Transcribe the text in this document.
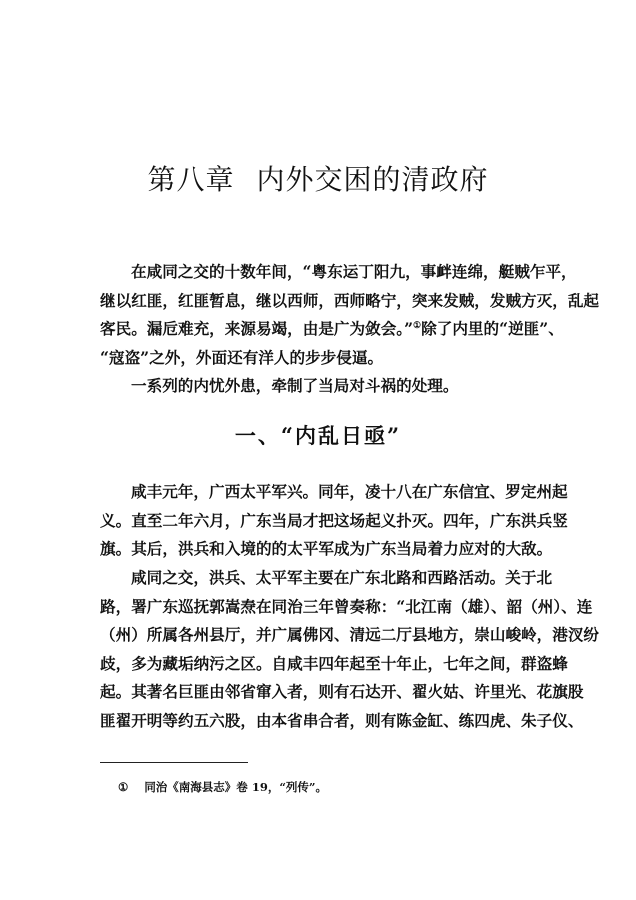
第八章 内外交困的清政府
在咸同之交的十数年间，“粤东运丁阳九，事衅连绵，艇贼乍平，
继以红匪，红匪暂息，继以西师，西师略宁，突来发贼，发贼方灭，乱起
客民。漏卮难充，来源易竭，由是广为敛会。”①除了内里的“逆匪”、
“寇盗”之外，外面还有洋人的步步侵逼。
一系列的内忧外患，牵制了当局对斗祸的处理。
一、“内乱日亟”
咸丰元年，广西太平军兴。同年，凌十八在广东信宜、罗定州起
义。直至二年六月，广东当局才把这场起义扑灭。四年，广东洪兵竖
旗。其后，洪兵和入境的的太平军成为广东当局着力应对的大敌。
咸同之交，洪兵、太平军主要在广东北路和西路活动。关于北
路，署广东巡抚郭嵩焘在同治三年曾奏称：“北江南（雄）、韶（州）、连
（州）所属各州县厅，并广属佛冈、清远二厅县地方，崇山峻岭，港汊纷
歧，多为藏垢纳污之区。自咸丰四年起至十年止，七年之间，群盗蜂
起。其著名巨匪由邻省窜入者，则有石达开、翟火姑、许里光、花旗股
匪翟开明等约五六股，由本省串合者，则有陈金缸、练四虎、朱子仪、
① 同治《南海县志》卷 19，“列传”。
